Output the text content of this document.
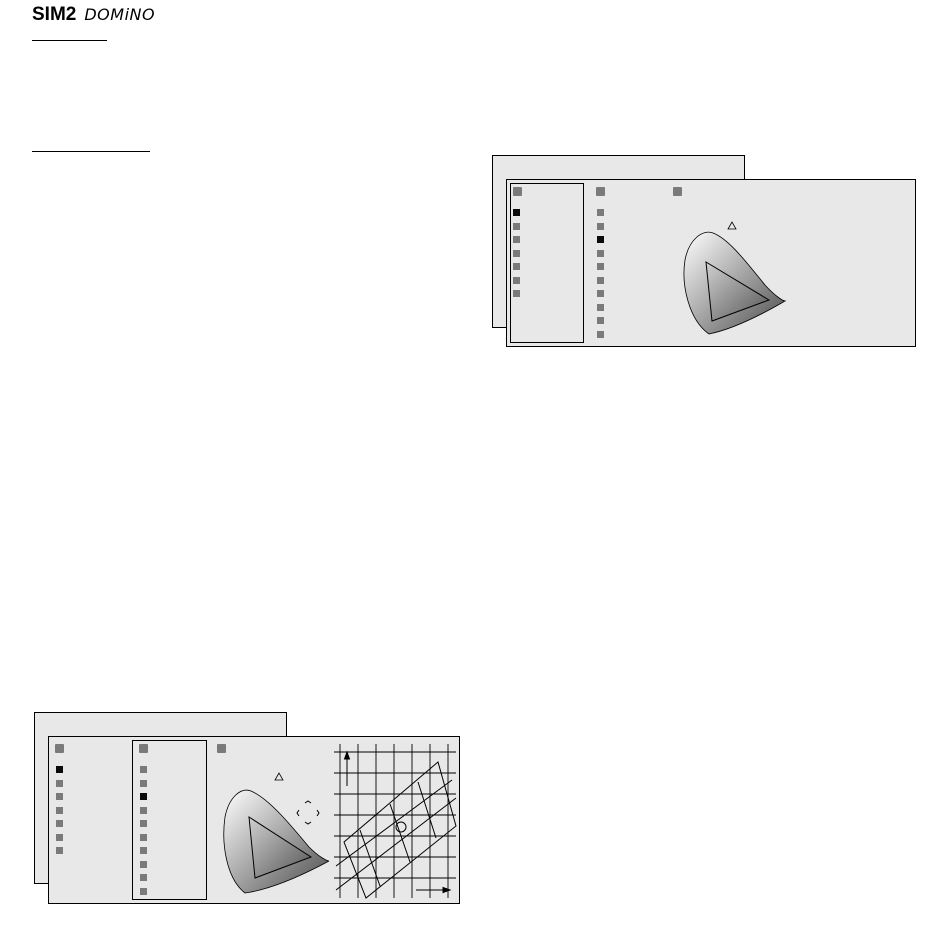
SIM2 DOMiNO
